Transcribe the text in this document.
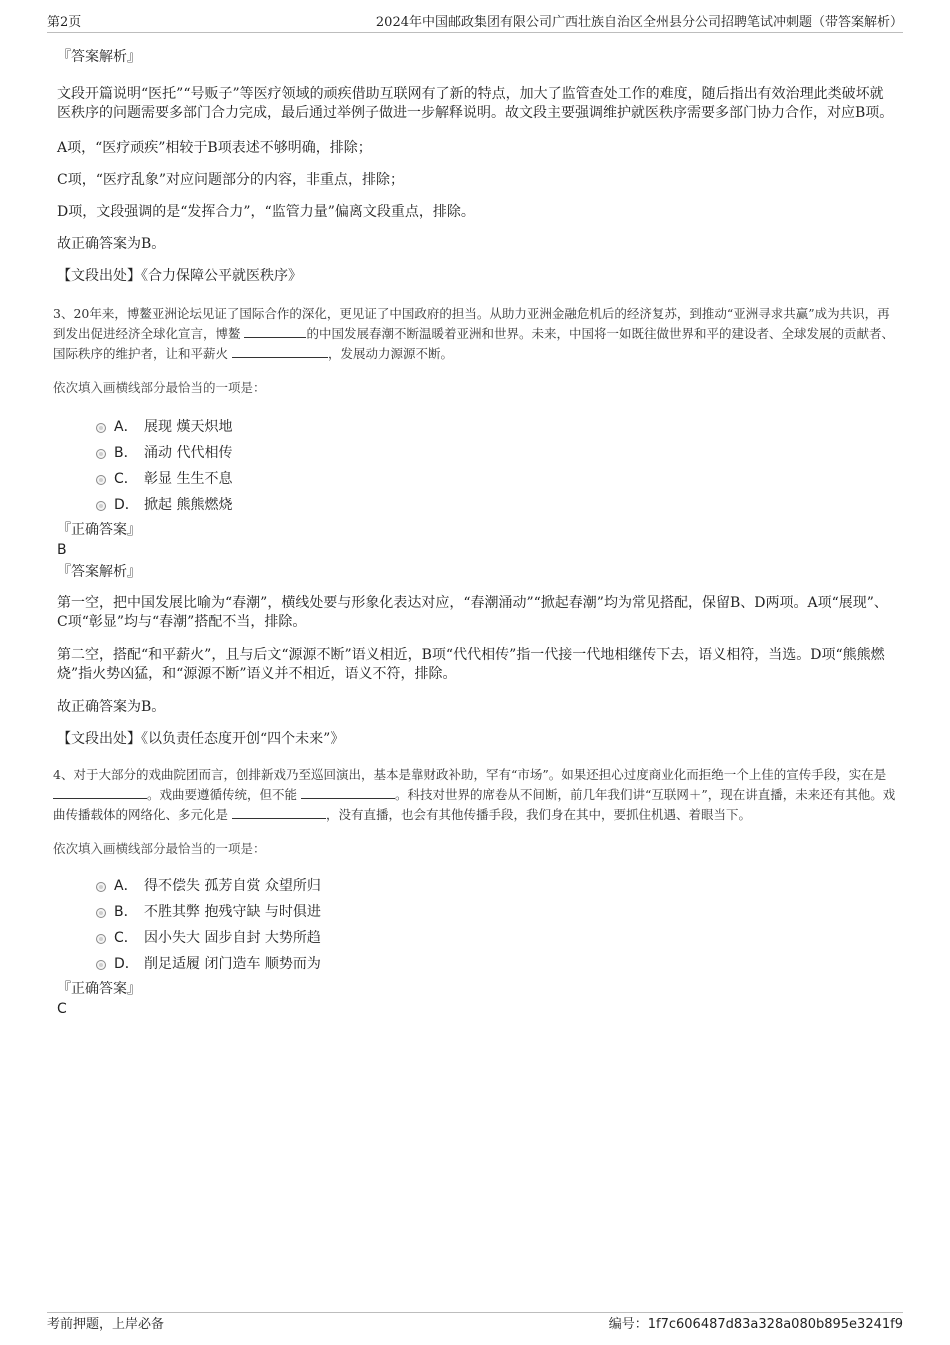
第2页	2024年中国邮政集团有限公司广西壮族自治区全州县分公司招聘笔试冲刺题（带答案解析）

『答案解析』

文段开篇说明“医托”“号贩子”等医疗领域的顽疾借助互联网有了新的特点，加大了监管查处工作的难度，随后指出有效治理此类破坏就医秩序的问题需要多部门合力完成，最后通过举例子做进一步解释说明。故文段主要强调维护就医秩序需要多部门协力合作，对应B项。

A项，“医疗顽疾”相较于B项表述不够明确，排除；

C项，“医疗乱象”对应问题部分的内容，非重点，排除；

D项，文段强调的是“发挥合力”，“监管力量”偏离文段重点，排除。

故正确答案为B。

【文段出处】《合力保障公平就医秩序》

3、20年来，博鳌亚洲论坛见证了国际合作的深化，更见证了中国政府的担当。从助力亚洲金融危机后的经济复苏，到推动“亚洲寻求共赢”成为共识，再到发出促进经济全球化宣言，博鳌	的中国发展春潮不断温暖着亚洲和世界。未来，中国将一如既往做世界和平的建设者、全球发展的贡献者、国际秩序的维护者，让和平薪火	，发展动力源源不断。

依次填入画横线部分最恰当的一项是：

A． 展现 熯天炽地
B． 涌动 代代相传
C． 彰显 生生不息
D． 掀起 熊熊燃烧

『正确答案』

B

『答案解析』

第一空，把中国发展比喻为“春潮”，横线处要与形象化表达对应，“春潮涌动”“掀起春潮”均为常见搭配，保留B、D两项。A项“展现”、C项“彰显”均与“春潮”搭配不当，排除。

第二空，搭配“和平薪火”，且与后文“源源不断”语义相近，B项“代代相传”指一代接一代地相继传下去，语义相符，当选。D项“熊熊燃烧”指火势凶猛，和“源源不断”语义并不相近，语义不符，排除。

故正确答案为B。

【文段出处】《以负责任态度开创“四个未来”》

4、对于大部分的戏曲院团而言，创排新戏乃至巡回演出，基本是靠财政补助，罕有“市场”。如果还担心过度商业化而拒绝一个上佳的宣传手段，实在是 。戏曲要遵循传统，但不能	。科技对世界的席卷从不间断，前几年我们讲“互联网＋”，现在讲直播，未来还有其他。戏曲传播载体的网络化、多元化是	，没有直播，也会有其他传播手段，我们身在其中，要抓住机遇、着眼当下。

依次填入画横线部分最恰当的一项是：

A． 得不偿失 孤芳自赏 众望所归
B． 不胜其弊 抱残守缺 与时俱进
C． 因小失大 固步自封 大势所趋
D． 削足适履 闭门造车 顺势而为

『正确答案』

C

考前押题，上岸必备	编号：1f7c606487d83a328a080b895e3241f9
